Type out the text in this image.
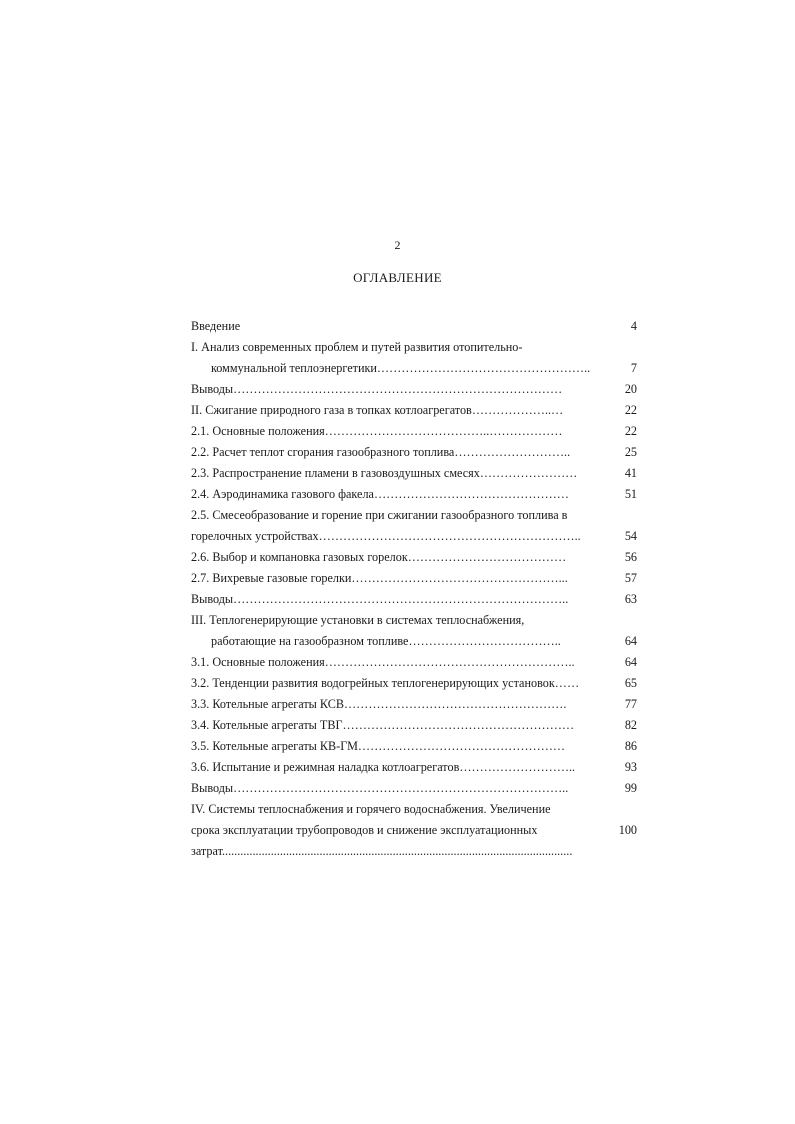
2
ОГЛАВЛЕНИЕ
Введение	4
I. Анализ современных проблем и путей развития отопительно-
коммунальной теплоэнергетики……………………………………………..	7
Выводы………………………………………………………………………	20
II. Сжигание природного газа в топках котлоагрегатов………………..…	22
2.1. Основные положения…………………………………..………………	22
2.2. Расчет теплот сгорания газообразного топлива………………………..	25
2.3. Распространение пламени в газовоздушных смесях……………………	41
2.4. Аэродинамика газового факела…………………………………………	51
2.5. Смесеобразование и горение при сжигании газообразного топлива в
горелочных устройствах………………………………………………………..	54
2.6. Выбор и компановка газовых горелок…………………………………	56
2.7. Вихревые газовые горелки……………………………………………...	57
Выводы………………………………………………………………………..	63
III. Теплогенерирующие установки в системах теплоснабжения,
работающие на газообразном топливе………………………………..	64
3.1. Основные положения……………………………………………………..	64
3.2. Тенденции развития водогрейных теплогенерирующих установок……	65
3.3. Котельные агрегаты КСВ……………………………………………….	77
3.4. Котельные агрегаты ТВГ…………………………………………………	82
3.5. Котельные агрегаты КВ-ГМ……………………………………………	86
3.6. Испытание и режимная наладка котлоагрегатов………………………..	93
Выводы………………………………………………………………………..	99
IV. Системы теплоснабжения и горячего водоснабжения. Увеличение
срока эксплуатации трубопроводов и снижение эксплуатационных	100
затрат...................................................................................................................
